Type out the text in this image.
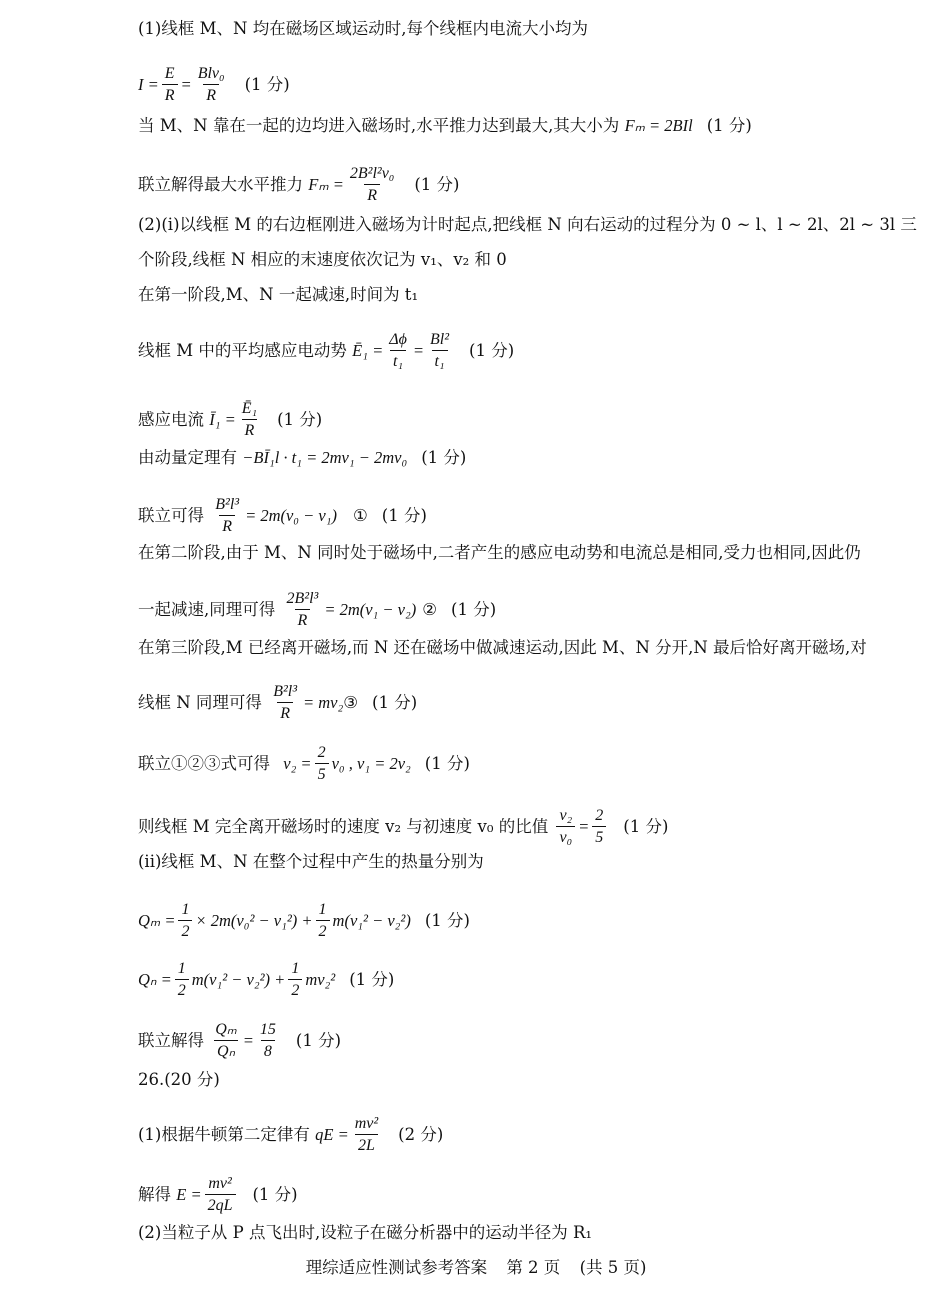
(1)线框 M、N 均在磁场区域运动时,每个线框内电流大小均为
$I = \frac{E}{R} = \frac{\text{Blv₀}}{R} (1$ 分)
当 M、N 靠在一起的边均进入磁场时,水平推力达到最大,其大小为 Fₘ = 2BIl (1 分)
联立解得最大水平推力 $F_m = \frac{\text{2B²l²v₀}}{R} (1$ 分)
(2)(i)以线框 M 的右边框刚进入磁场为计时起点,把线框 N 向右运动的过程分为 0 ~ l、l ~ 2l、2l ~ 3l 三
个阶段,线框 N 相应的末速度依次记为 v₁、v₂ 和 0
在第一阶段,M、N 一起减速,时间为 t₁
线框 M 中的平均感应电动势 Ē₁ = $\frac{\Delta\phi}{\text{t₁}} = \frac{\text{Bl²}}{\text{t₁}} (1$ 分)
感应电流 Ī₁ = $\frac{\text{Ē₁}}{R} (1$ 分)
由动量定理有 −BĪ₁l · t₁ = 2mv₁ − 2mv₀ (1 分)
联立可得 $\frac{\text{B²l³}}{R} = 2m(v_0 - v_1)$ ① (1 分)
在第二阶段,由于 M、N 同时处于磁场中,二者产生的感应电动势和电流总是相同,受力也相同,因此仍
一起减速,同理可得 $\frac{\text{2B²l³}}{R} = 2m(v_1 - v_2)$ ② (1 分)
在第三阶段,M 已经离开磁场,而 N 还在磁场中做减速运动,因此 M、N 分开,N 最后恰好离开磁场,对
线框 N 同理可得 $\frac{\text{B²l³}}{R} = mv_2$ ③ (1 分)
联立①②③式可得 $v_2 = \frac{2}{5} v_0$ , v₁ = 2v₂ (1 分)
则线框 M 完全离开磁场时的速度 v₂ 与初速度 v₀ 的比值 $\frac{\text{v₂}}{\text{v₀}} = \frac{2}{5} (1$ 分)
(ii)线框 M、N 在整个过程中产生的热量分别为
$Q_m = \frac{1}{2} \times 2m(v_0^2 - v_1^2) + \frac{1}{2} m(v_1^2 - v_2^2)$ (1 分)
$Q_n = \frac{1}{2} m(v_1^2 - v_2^2) + \frac{1}{2} mv_2^2$ (1 分)
联立解得 $\frac{\text{Qₘ}}{\text{Qₙ}} = \frac{15}{8} (1$ 分)
26.(20 分)
(1)根据牛顿第二定律有 qE = $\frac{\text{mv²}}{2L} (2$ 分)
解得 $E = \frac{\text{mv²}}{2qL} (1$ 分)
(2)当粒子从 P 点飞出时,设粒子在磁分析器中的运动半径为 R₁
理综适应性测试参考答案 第 2 页 (共 5 页)
